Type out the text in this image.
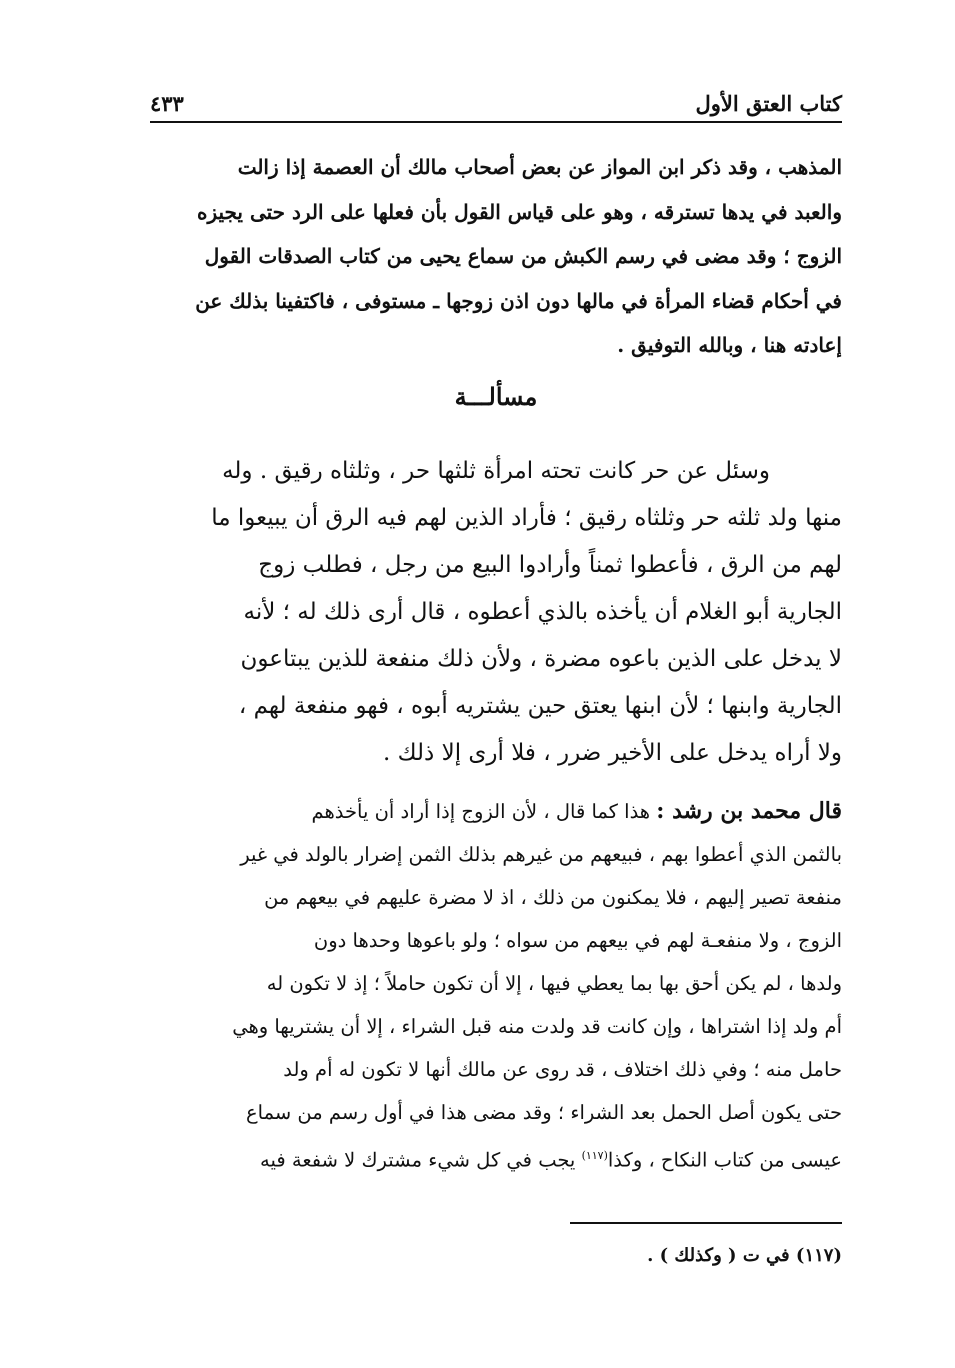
كتاب العتق الأول
٤٣٣
المذهب ، وقد ذكر ابن المواز عن بعض أصحاب مالك أن العصمة إذا زالت
والعبد في يدها تسترقه ، وهو على قياس القول بأن فعلها على الرد حتى يجيزه
الزوج ؛ وقد مضى في رسم الكبش من سماع يحيى من كتاب الصدقات القول
في أحكام قضاء المرأة في مالها دون اذن زوجها ـ مستوفى ، فاكتفينا بذلك عن
إعادته هنا ، وبالله التوفيق .
مسألـــة
وسئل عن حر كانت تحته امرأة ثلثها حر ، وثلثاه رقيق . وله
منها ولد ثلثه حر وثلثاه رقيق ؛ فأراد الذين لهم فيه الرق أن يبيعوا ما
لهم من الرق ، فأعطوا ثمناً وأرادوا البيع من رجل ، فطلب زوج
الجارية أبو الغلام أن يأخذه بالذي أعطوه ، قال أرى ذلك له ؛ لأنه
لا يدخل على الذين باعوه مضرة ، ولأن ذلك منفعة للذين يبتاعون
الجارية وابنها ؛ لأن ابنها يعتق حين يشتريه أبوه ، فهو منفعة لهم ،
ولا أراه يدخل على الأخير ضرر ، فلا أرى إلا ذلك .
قال محمد بن رشد : هذا كما قال ، لأن الزوج إذا أراد أن يأخذهم
بالثمن الذي أعطوا بهم ، فبيعهم من غيرهم بذلك الثمن إضرار بالولد في غير
منفعة تصير إليهم ، فلا يمكنون من ذلك ، اذ لا مضرة عليهم في بيعهم من
الزوج ، ولا منفعـة لهم في بيعهم من سواه ؛ ولو باعوها وحدها دون
ولدها ، لم يكن أحق بها بما يعطي فيها ، إلا أن تكون حاملاً ؛ إذ لا تكون له
أم ولد إذا اشتراها ، وإن كانت قد ولدت منه قبل الشراء ، إلا أن يشتريها وهي
حامل منه ؛ وفي ذلك اختلاف ، قد روى عن مالك أنها لا تكون له أم ولد
حتى يكون أصل الحمل بعد الشراء ؛ وقد مضى هذا في أول رسم من سماع
عيسى من كتاب النكاح ، وكذا$^{(١١٧)}$ يجب في كل شيء مشترك لا شفعة فيه
(١١٧) في ت ( وكذلك ) .
